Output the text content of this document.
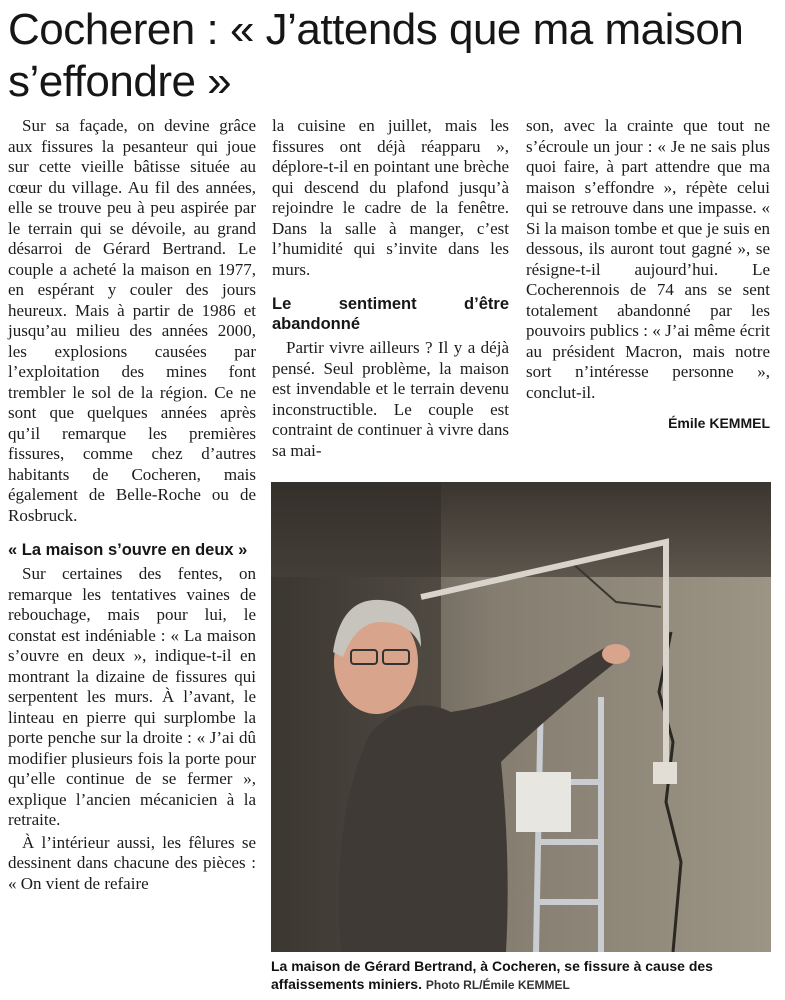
Cocheren : « J’attends que ma maison s’effondre »

Sur sa façade, on devine grâce aux fissures la pesanteur qui joue sur cette vieille bâtisse située au cœur du village. Au fil des années, elle se trouve peu à peu aspirée par le terrain qui se dévoile, au grand désarroi de Gérard Bertrand. Le couple a acheté la maison en 1977, en espérant y couler des jours heureux. Mais à partir de 1986 et jusqu’au milieu des années 2000, les explosions causées par l’exploitation des mines font trembler le sol de la région. Ce ne sont que quelques années après qu’il remarque les premières fissures, comme chez d’autres habitants de Cocheren, mais également de Belle-Roche ou de Rosbruck.

« La maison s’ouvre en deux »

Sur certaines des fentes, on remarque les tentatives vaines de rebouchage, mais pour lui, le constat est indéniable : « La maison s’ouvre en deux », indique-t-il en montrant la dizaine de fissures qui serpentent les murs. À l’avant, le linteau en pierre qui surplombe la porte penche sur la droite : « J’ai dû modifier plusieurs fois la porte pour qu’elle continue de se fermer », explique l’ancien mécanicien à la retraite.

À l’intérieur aussi, les fêlures se dessinent dans chacune des pièces : « On vient de refaire

la cuisine en juillet, mais les fissures ont déjà réapparu », déplore-t-il en pointant une brèche qui descend du plafond jusqu’à rejoindre le cadre de la fenêtre. Dans la salle à manger, c’est l’humidité qui s’invite dans les murs.

Le sentiment d’être abandonné

Partir vivre ailleurs ? Il y a déjà pensé. Seul problème, la maison est invendable et le terrain devenu inconstructible. Le couple est contraint de continuer à vivre dans sa mai-

son, avec la crainte que tout ne s’écroule un jour : « Je ne sais plus quoi faire, à part attendre que ma maison s’effondre », répète celui qui se retrouve dans une impasse. « Si la maison tombe et que je suis en dessous, ils auront tout gagné », se résigne-t-il aujourd’hui. Le Cocherennois de 74 ans se sent totalement abandonné par les pouvoirs publics : « J’ai même écrit au président Macron, mais notre sort n’intéresse personne », conclut-il.

Émile KEMMEL
La maison de Gérard Bertrand, à Cocheren, se fissure à cause des affaissements miniers. Photo RL/Émile KEMMEL
